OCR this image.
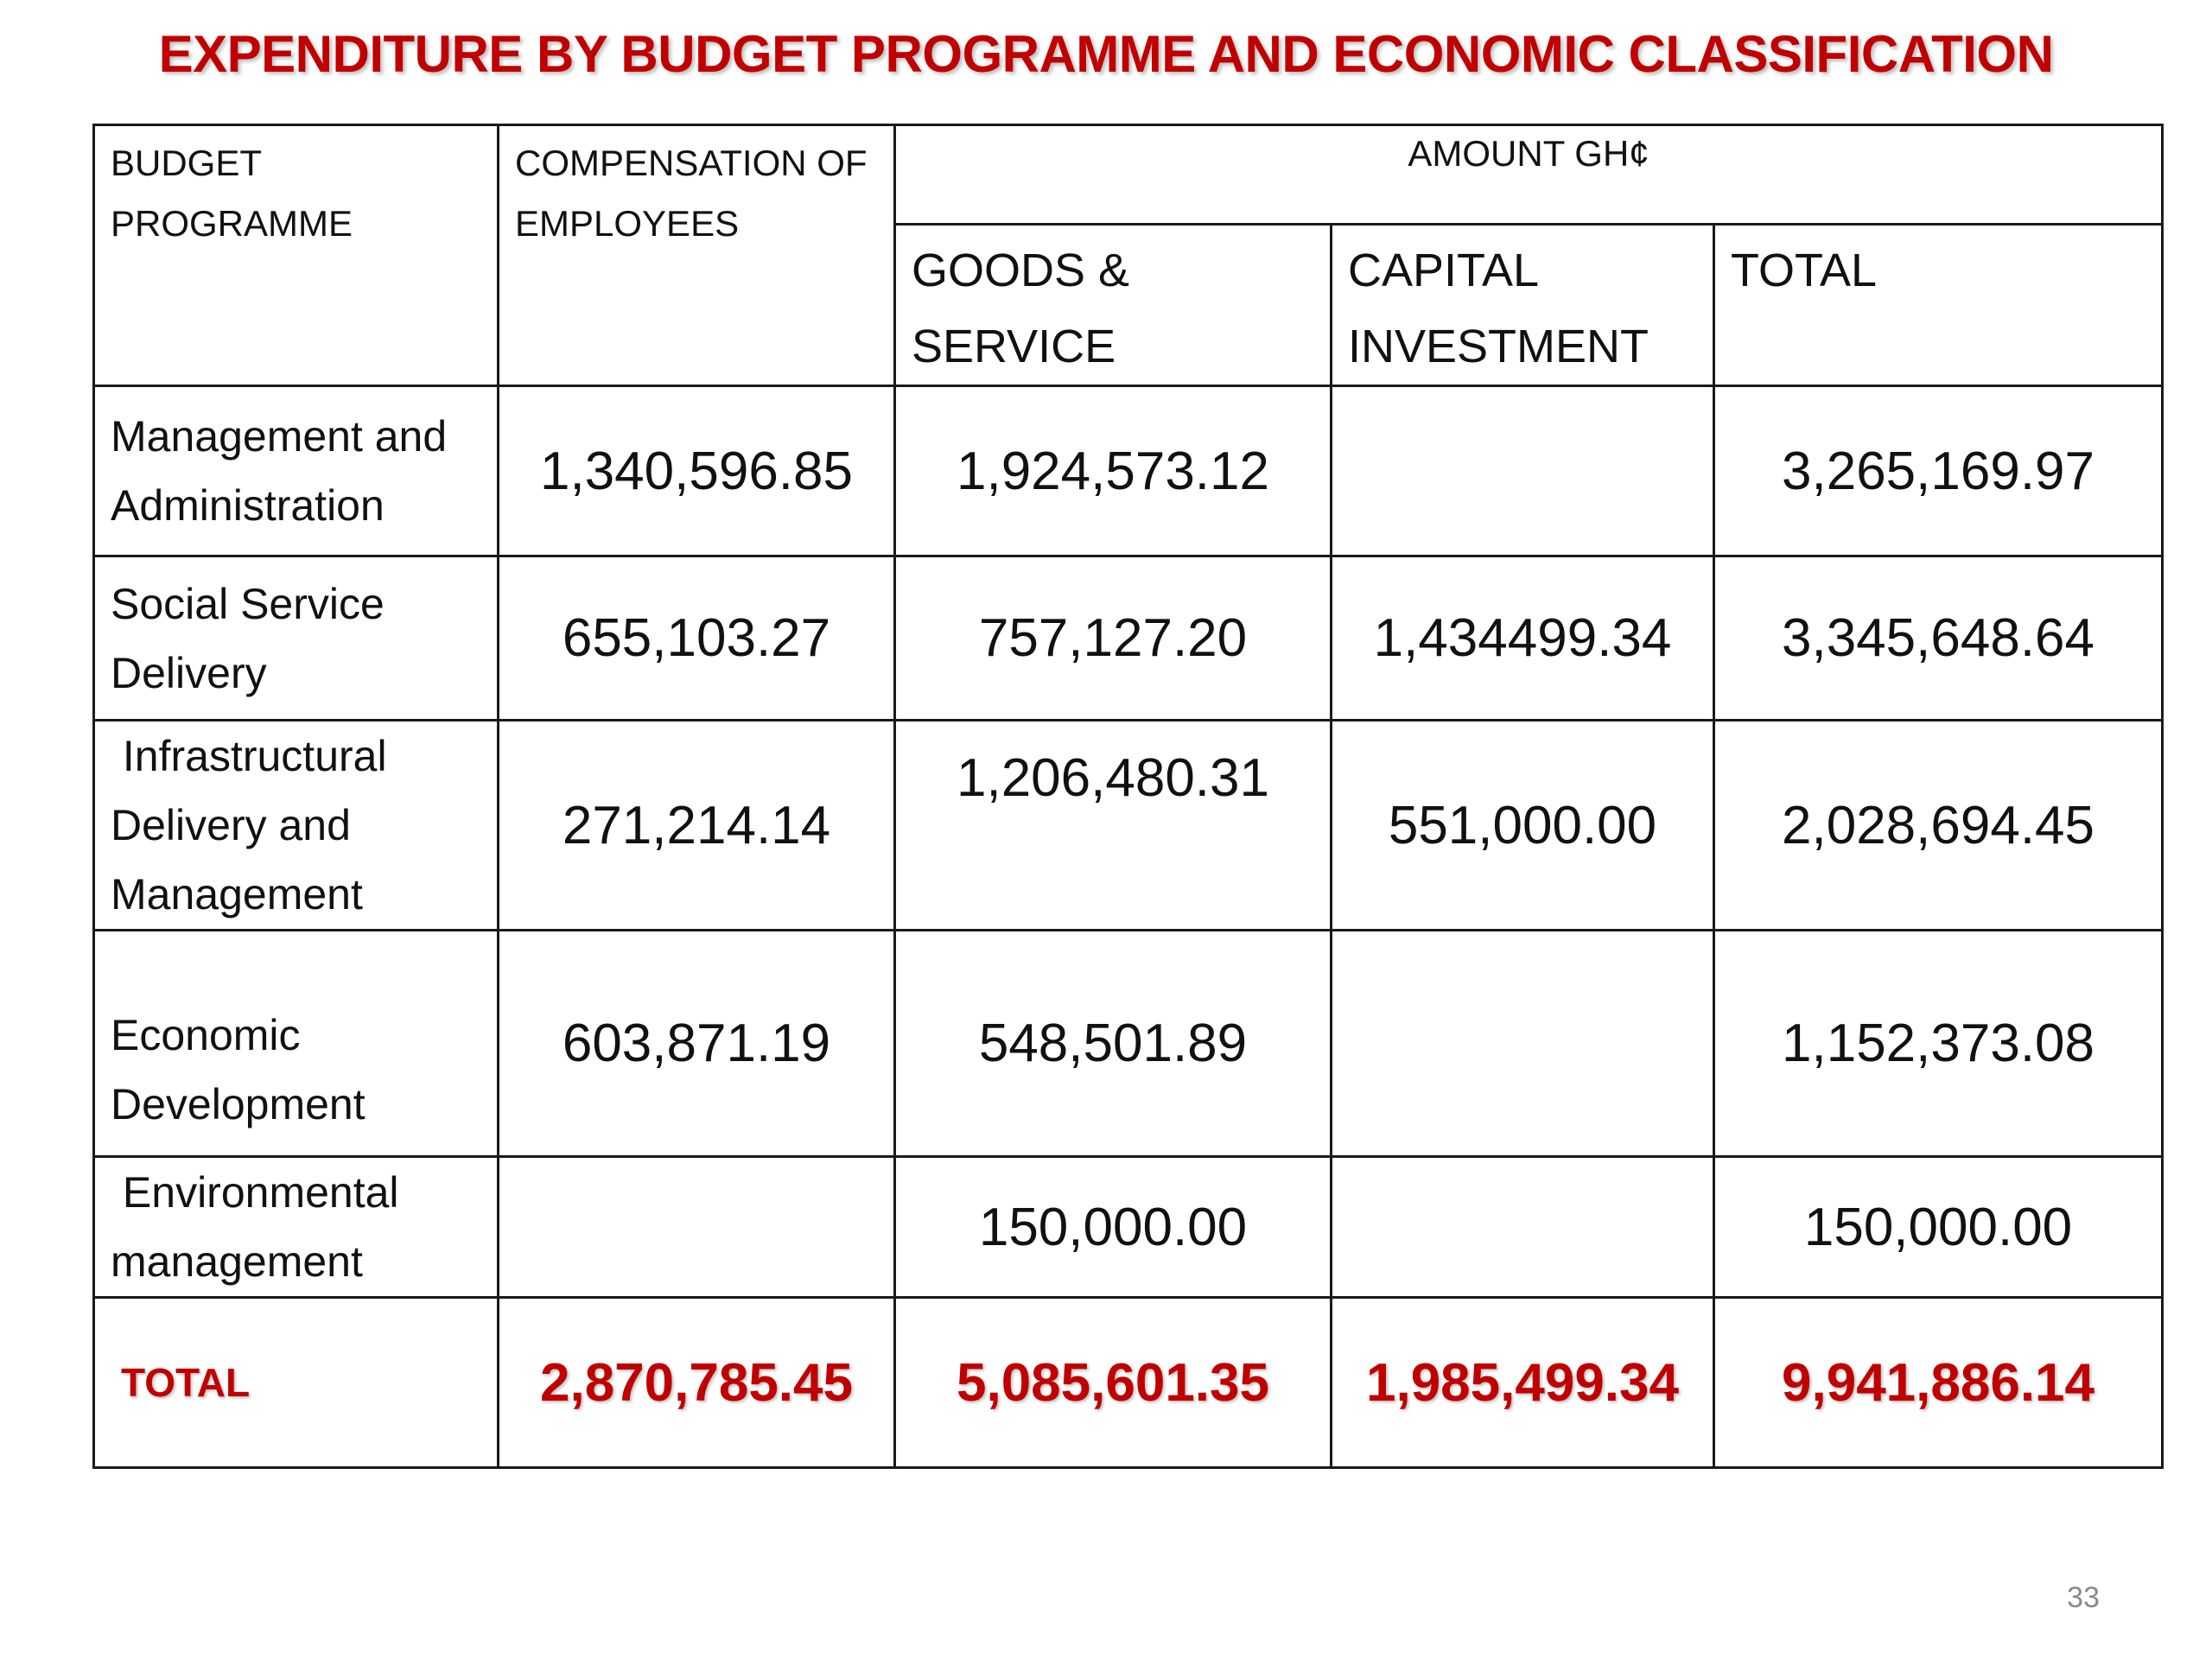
EXPENDITURE BY BUDGET PROGRAMME AND ECONOMIC CLASSIFICATION
BUDGET PROGRAMME	COMPENSATION OF EMPLOYEES	AMOUNT GH¢		
		GOODS & SERVICE	CAPITAL INVESTMENT	TOTAL
Management and Administration	1,340,596.85	1,924,573.12		3,265,169.97
Social Service Delivery	655,103.27	757,127.20	1,434499.34	3,345,648.64
Infrastructural Delivery and Management	271,214.14	1,206,480.31	551,000.00	2,028,694.45
Economic Development	603,871.19	548,501.89		1,152,373.08
Environmental management		150,000.00		150,000.00
TOTAL	2,870,785.45	5,085,601.35	1,985,499.34	9,941,886.14
33
